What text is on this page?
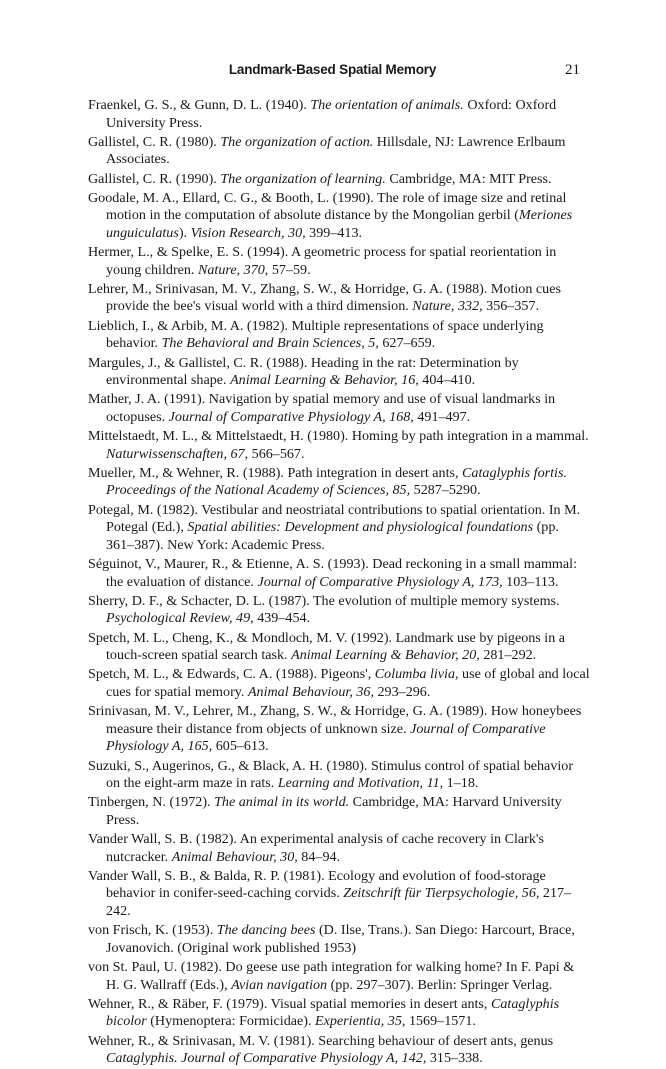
Landmark-Based Spatial Memory	21

Fraenkel, G. S., & Gunn, D. L. (1940). The orientation of animals. Oxford: Oxford University Press.

Gallistel, C. R. (1980). The organization of action. Hillsdale, NJ: Lawrence Erlbaum Associates.

Gallistel, C. R. (1990). The organization of learning. Cambridge, MA: MIT Press.

Goodale, M. A., Ellard, C. G., & Booth, L. (1990). The role of image size and retinal motion in the computation of absolute distance by the Mongolian gerbil (Meriones unguiculatus). Vision Research, 30, 399–413.

Hermer, L., & Spelke, E. S. (1994). A geometric process for spatial reorientation in young children. Nature, 370, 57–59.

Lehrer, M., Srinivasan, M. V., Zhang, S. W., & Horridge, G. A. (1988). Motion cues provide the bee's visual world with a third dimension. Nature, 332, 356–357.

Lieblich, I., & Arbib, M. A. (1982). Multiple representations of space underlying behavior. The Behavioral and Brain Sciences, 5, 627–659.

Margules, J., & Gallistel, C. R. (1988). Heading in the rat: Determination by environmental shape. Animal Learning & Behavior, 16, 404–410.

Mather, J. A. (1991). Navigation by spatial memory and use of visual landmarks in octopuses. Journal of Comparative Physiology A, 168, 491–497.

Mittelstaedt, M. L., & Mittelstaedt, H. (1980). Homing by path integration in a mammal. Naturwissenschaften, 67, 566–567.

Mueller, M., & Wehner, R. (1988). Path integration in desert ants, Cataglyphis fortis. Proceedings of the National Academy of Sciences, 85, 5287–5290.

Potegal, M. (1982). Vestibular and neostriatal contributions to spatial orientation. In M. Potegal (Ed.), Spatial abilities: Development and physiological foundations (pp. 361–387). New York: Academic Press.

Séguinot, V., Maurer, R., & Etienne, A. S. (1993). Dead reckoning in a small mammal: the evaluation of distance. Journal of Comparative Physiology A, 173, 103–113.

Sherry, D. F., & Schacter, D. L. (1987). The evolution of multiple memory systems. Psychological Review, 49, 439–454.

Spetch, M. L., Cheng, K., & Mondloch, M. V. (1992). Landmark use by pigeons in a touch-screen spatial search task. Animal Learning & Behavior, 20, 281–292.

Spetch, M. L., & Edwards, C. A. (1988). Pigeons', Columba livia, use of global and local cues for spatial memory. Animal Behaviour, 36, 293–296.

Srinivasan, M. V., Lehrer, M., Zhang, S. W., & Horridge, G. A. (1989). How honeybees measure their distance from objects of unknown size. Journal of Comparative Physiology A, 165, 605–613.

Suzuki, S., Augerinos, G., & Black, A. H. (1980). Stimulus control of spatial behavior on the eight-arm maze in rats. Learning and Motivation, 11, 1–18.

Tinbergen, N. (1972). The animal in its world. Cambridge, MA: Harvard University Press.

Vander Wall, S. B. (1982). An experimental analysis of cache recovery in Clark's nutcracker. Animal Behaviour, 30, 84–94.

Vander Wall, S. B., & Balda, R. P. (1981). Ecology and evolution of food-storage behavior in conifer-seed-caching corvids. Zeitschrift für Tierpsychologie, 56, 217–242.

von Frisch, K. (1953). The dancing bees (D. Ilse, Trans.). San Diego: Harcourt, Brace, Jovanovich. (Original work published 1953)

von St. Paul, U. (1982). Do geese use path integration for walking home? In F. Papi & H. G. Wallraff (Eds.), Avian navigation (pp. 297–307). Berlin: Springer Verlag.

Wehner, R., & Räber, F. (1979). Visual spatial memories in desert ants, Cataglyphis bicolor (Hymenoptera: Formicidae). Experientia, 35, 1569–1571.

Wehner, R., & Srinivasan, M. V. (1981). Searching behaviour of desert ants, genus Cataglyphis. Journal of Comparative Physiology A, 142, 315–338.
